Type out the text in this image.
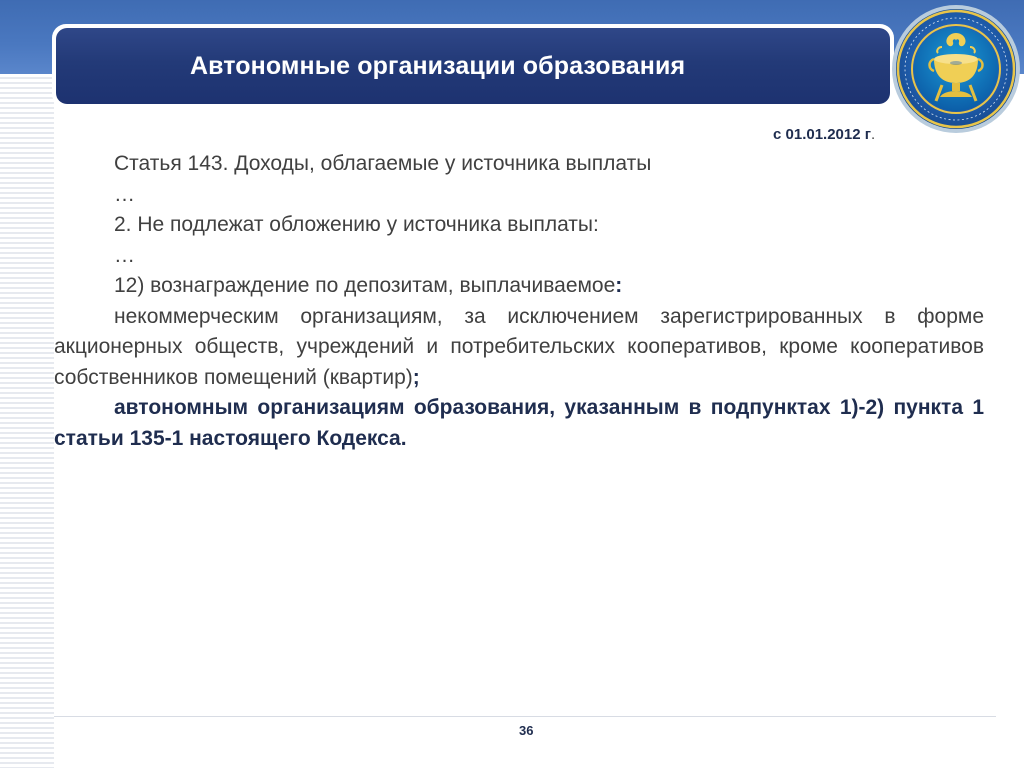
Автономные организации образования
с 01.01.2012 г.

Статья 143. Доходы, облагаемые у источника выплаты

…

2. Не подлежат обложению у источника выплаты:

…

12) вознаграждение по депозитам, выплачиваемое:

некоммерческим организациям, за исключением зарегистрированных в форме акционерных обществ, учреждений и потребительских кооперативов, кроме кооперативов собственников помещений (квартир);

автономным организациям образования, указанным в подпунктах 1)-2) пункта 1 статьи 135-1 настоящего Кодекса.

36
